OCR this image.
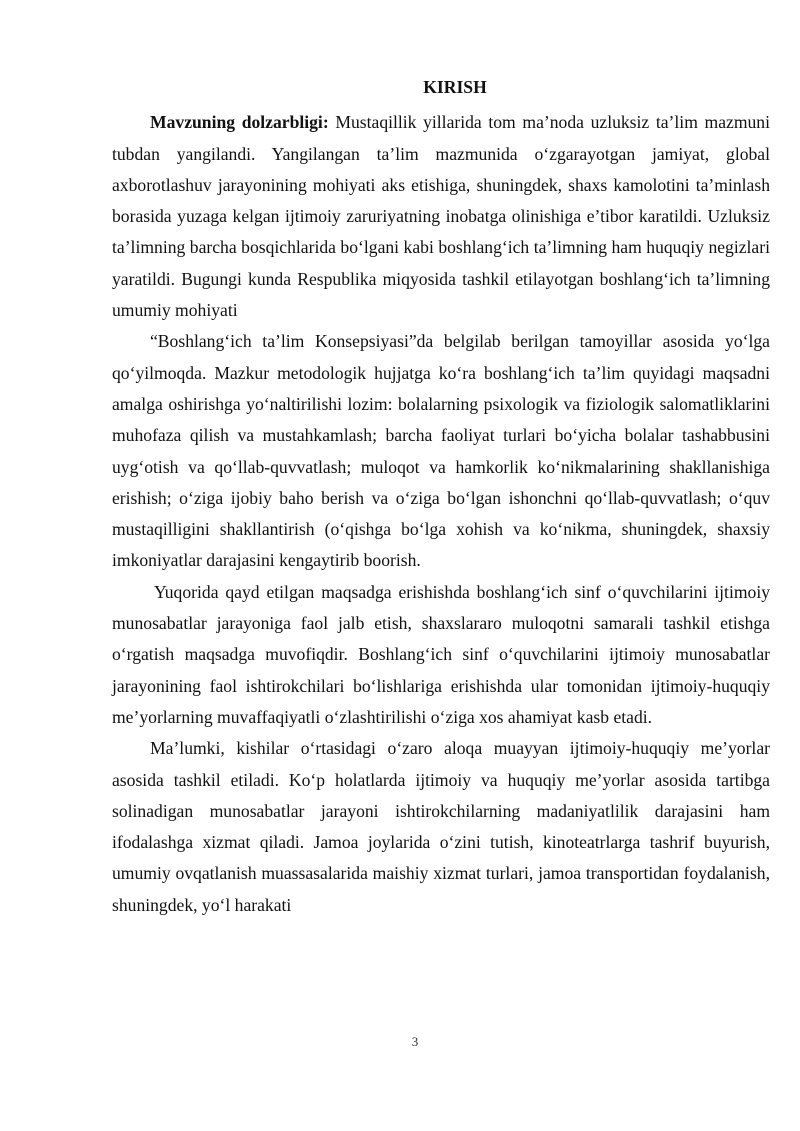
KIRISH

Mavzuning dolzarbligi: Mustaqillik yillarida tom ma’noda uzluksiz ta’lim mazmuni tubdan yangilandi. Yangilangan ta’lim mazmunida o‘zgarayotgan jamiyat, global axborotlashuv jarayonining mohiyati aks etishiga, shuningdek, shaxs kamolotini ta’minlash borasida yuzaga kelgan ijtimoiy zaruriyatning inobatga olinishiga e’tibor karatildi. Uzluksiz ta’limning barcha bosqichlarida bo‘lgani kabi boshlang‘ich ta’limning ham huquqiy negizlari yaratildi. Bugungi kunda Respublika miqyosida tashkil etilayotgan boshlang‘ich ta’limning umumiy mohiyati

“Boshlang‘ich ta’lim Konsepsiyasi”da belgilab berilgan tamoyillar asosida yo‘lga qo‘yilmoqda. Mazkur metodologik hujjatga ko‘ra boshlang‘ich ta’lim quyidagi maqsadni amalga oshirishga yo‘naltirilishi lozim: bolalarning psixologik va fiziologik salomatliklarini muhofaza qilish va mustahkamlash; barcha faoliyat turlari bo‘yicha bolalar tashabbusini uyg‘otish va qo‘llab-quvvatlash; muloqot va hamkorlik ko‘nikmalarining shakllanishiga erishish; o‘ziga ijobiy baho berish va o‘ziga bo‘lgan ishonchni qo‘llab-quvvatlash; o‘quv mustaqilligini shakllantirish (o‘qishga bo‘lga xohish va ko‘nikma, shuningdek, shaxsiy imkoniyatlar darajasini kengaytirib boorish.

Yuqorida qayd etilgan maqsadga erishishda boshlang‘ich sinf o‘quvchilarini ijtimoiy munosabatlar jarayoniga faol jalb etish, shaxslararo muloqotni samarali tashkil etishga o‘rgatish maqsadga muvofiqdir. Boshlang‘ich sinf o‘quvchilarini ijtimoiy munosabatlar jarayonining faol ishtirokchilari bo‘lishlariga erishishda ular tomonidan ijtimoiy-huquqiy me’yorlarning muvaffaqiyatli o‘zlashtirilishi o‘ziga xos ahamiyat kasb etadi.

Ma’lumki, kishilar o‘rtasidagi o‘zaro aloqa muayyan ijtimoiy-huquqiy me’yorlar asosida tashkil etiladi. Ko‘p holatlarda ijtimoiy va huquqiy me’yorlar asosida tartibga solinadigan munosabatlar jarayoni ishtirokchilarning madaniyatlilik darajasini ham ifodalashga xizmat qiladi. Jamoa joylarida o‘zini tutish, kinoteatrlarga tashrif buyurish, umumiy ovqatlanish muassasalarida maishiy xizmat turlari, jamoa transportidan foydalanish, shuningdek, yo‘l harakati

3
